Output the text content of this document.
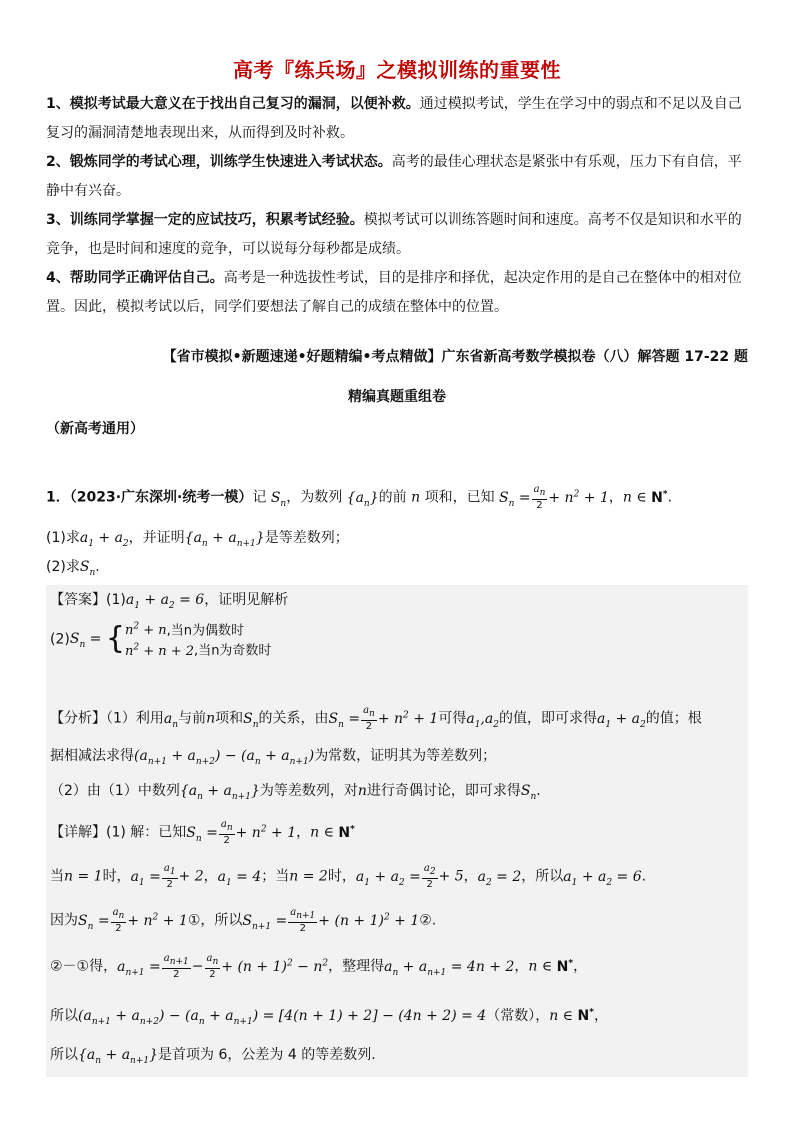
高考『练兵场』之模拟训练的重要性

1、模拟考试最大意义在于找出自己复习的漏洞，以便补救。通过模拟考试，学生在学习中的弱点和不足以及自己复习的漏洞清楚地表现出来，从而得到及时补救。

2、锻炼同学的考试心理，训练学生快速进入考试状态。高考的最佳心理状态是紧张中有乐观，压力下有自信，平静中有兴奋。

3、训练同学掌握一定的应试技巧，积累考试经验。模拟考试可以训练答题时间和速度。高考不仅是知识和水平的竞争，也是时间和速度的竞争，可以说每分每秒都是成绩。

4、帮助同学正确评估自己。高考是一种选拔性考试，目的是排序和择优，起决定作用的是自己在整体中的相对位置。因此，模拟考试以后，同学们要想法了解自己的成绩在整体中的位置。

【省市模拟•新题速递•好题精编•考点精做】广东省新高考数学模拟卷（八）解答题 17-22 题
精编真题重组卷
（新高考通用）
1．（2023·广东深圳·统考一模）记 $S_n$，为数列 $\{a_n\}$的前 n 项和，已知 $S_n = \frac{a_n}{2} + n^2 + 1$，n ∈ N*.
(1)求$a_1 + a_2$，并证明$\{a_n + a_{n+1}\}$是等差数列；
(2)求$S_n$.
【答案】$(1)a_1 + a_2 = 6$，证明见解析
$(2)S_n = \{n^2 + n$,当n为偶数时
$n^2 + n + 2$,当n为奇数时
【分析】（1）利用$a_n$与前n项和$S_n$的关系，由$S_n = \frac{a_n}{2} + n^2 + 1$可得$a_1,a_2$的值，即可求得$a_1 + a_2$的值；根
据相减法求得$(a_{n+1} + a_{n+2}) - (a_n + a_{n+1})$为常数，证明其为等差数列；
（2）由（1）中数列$\{a_n + a_{n+1}\}$为等差数列，对n进行奇偶讨论，即可求得$S_n$.
【详解】(1) 解：已知$S_n = \frac{a_n}{2} + n^2 + 1$，n ∈ N*
当n = 1时，$a_1 = \frac{a_1}{2} + 2$，$a_1 = 4$；当n = 2时，$a_1 + a_2 = \frac{a_2}{2} + 5$，$a_2 = 2$，所以$a_1 + a_2 = 6$.
因为$S_n = \frac{a_n}{2} + n^2$ + 1①，所以$S_{n+1} = \frac{a_{n+1}}{2} + (n + 1)^2$ + 1②.
②－①得，$a_{n+1} = \frac{a_{n+1}}{2} - \frac{a_n}{2} + (n + 1)^2 - n^2$，整理得$a_n + a_{n+1} = 4n + 2$，n ∈ N*，
所以$(a_{n+1} + a_{n+2}) - (a_n + a_{n+1}) = [4(n + 1) + 2] - (4n + 2) = 4$（常数），n ∈ N*，
所以$\{a_n + a_{n+1}\}$是首项为 6，公差为 4 的等差数列.
